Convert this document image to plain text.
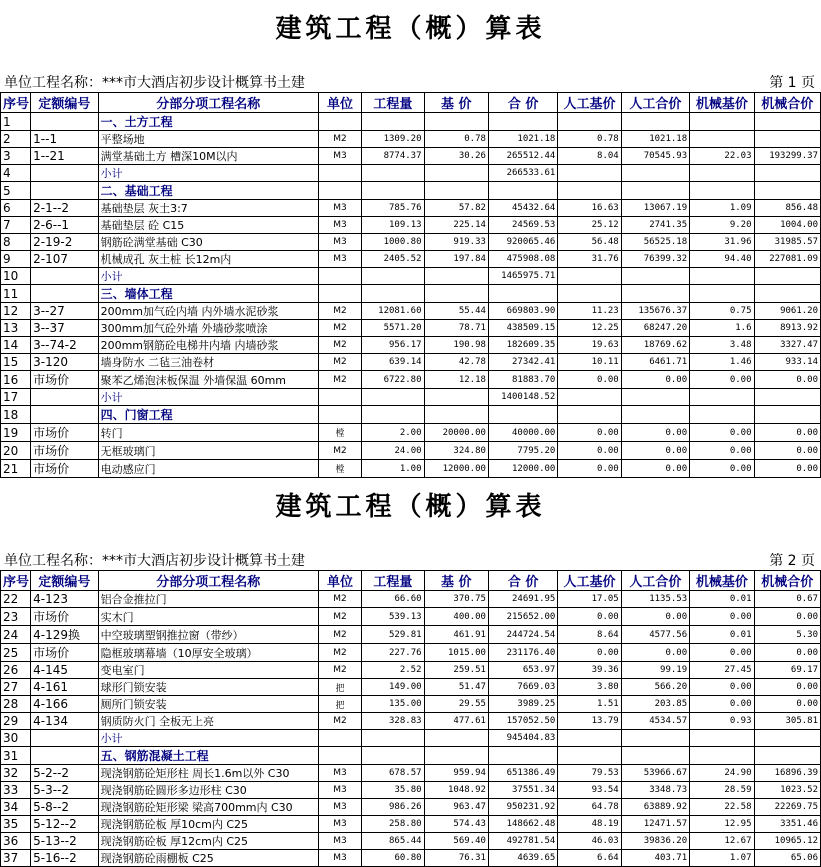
建筑工程（概）算表
单位工程名称：***市大酒店初步设计概算书土建	第 1 页
序号	定额编号	分部分项工程名称	单位	工程量	基 价	合 价	人工基价	人工合价	机械基价	机械合价
1		一、土方工程								
2	1--1	平整场地	M2	1309.20	0.78	1021.18	0.78	1021.18		
3	1--21	满堂基础土方 槽深10M以内	M3	8774.37	30.26	265512.44	8.04	70545.93	22.03	193299.37
4		小计				266533.61				
5		二、基础工程								
6	2-1--2	基础垫层 灰土3:7	M3	785.76	57.82	45432.64	16.63	13067.19	1.09	856.48
7	2-6--1	基础垫层 砼 C15	M3	109.13	225.14	24569.53	25.12	2741.35	9.20	1004.00
8	2-19-2	钢筋砼满堂基础 C30	M3	1000.80	919.33	920065.46	56.48	56525.18	31.96	31985.57
9	2-107	机械成孔 灰土桩 长12m内	M3	2405.52	197.84	475908.08	31.76	76399.32	94.40	227081.09
10		小计				1465975.71				
11		三、墙体工程								
12	3--27	200mm加气砼内墙 内外墙水泥砂浆	M2	12081.60	55.44	669803.90	11.23	135676.37	0.75	9061.20
13	3--37	300mm加气砼外墙 外墙砂浆喷涂	M2	5571.20	78.71	438509.15	12.25	68247.20	1.6	8913.92
14	3--74-2	200mm钢筋砼电梯井内墙 内墙砂浆	M2	956.17	190.98	182609.35	19.63	18769.62	3.48	3327.47
15	3-120	墙身防水 二毡三油卷材	M2	639.14	42.78	27342.41	10.11	6461.71	1.46	933.14
16	市场价	聚苯乙烯泡沫板保温 外墙保温 60mm	M2	6722.80	12.18	81883.70	0.00	0.00	0.00	0.00
17		小计				1400148.52				
18		四、门窗工程								
19	市场价	转门	樘	2.00	20000.00	40000.00	0.00	0.00	0.00	0.00
20	市场价	无框玻璃门	M2	24.00	324.80	7795.20	0.00	0.00	0.00	0.00
21	市场价	电动感应门	樘	1.00	12000.00	12000.00	0.00	0.00	0.00	0.00
建筑工程（概）算表
单位工程名称：***市大酒店初步设计概算书土建	第 2 页
序号	定额编号	分部分项工程名称	单位	工程量	基 价	合 价	人工基价	人工合价	机械基价	机械合价
22	4-123	铝合金推拉门	M2	66.60	370.75	24691.95	17.05	1135.53	0.01	0.67
23	市场价	实木门	M2	539.13	400.00	215652.00	0.00	0.00	0.00	0.00
24	4-129换	中空玻璃塑钢推拉窗（带纱）	M2	529.81	461.91	244724.54	8.64	4577.56	0.01	5.30
25	市场价	隐框玻璃幕墙（10厚安全玻璃）	M2	227.76	1015.00	231176.40	0.00	0.00	0.00	0.00
26	4-145	变电室门	M2	2.52	259.51	653.97	39.36	99.19	27.45	69.17
27	4-161	球形门锁安装	把	149.00	51.47	7669.03	3.80	566.20	0.00	0.00
28	4-166	厕所门锁安装	把	135.00	29.55	3989.25	1.51	203.85	0.00	0.00
29	4-134	钢质防火门 全板无上亮	M2	328.83	477.61	157052.50	13.79	4534.57	0.93	305.81
30		小计				945404.83				
31		五、钢筋混凝土工程								
32	5-2--2	现浇钢筋砼矩形柱 周长1.6m以外 C30	M3	678.57	959.94	651386.49	79.53	53966.67	24.90	16896.39
33	5-3--2	现浇钢筋砼圆形多边形柱 C30	M3	35.80	1048.92	37551.34	93.54	3348.73	28.59	1023.52
34	5-8--2	现浇钢筋砼矩形梁 梁高700mm内 C30	M3	986.26	963.47	950231.92	64.78	63889.92	22.58	22269.75
35	5-12--2	现浇钢筋砼板 厚10cm内 C25	M3	258.80	574.43	148662.48	48.19	12471.57	12.95	3351.46
36	5-13--2	现浇钢筋砼板 厚12cm内 C25	M3	865.44	569.40	492781.54	46.03	39836.20	12.67	10965.12
37	5-16--2	现浇钢筋砼雨棚板 C25	M3	60.80	76.31	4639.65	6.64	403.71	1.07	65.06
